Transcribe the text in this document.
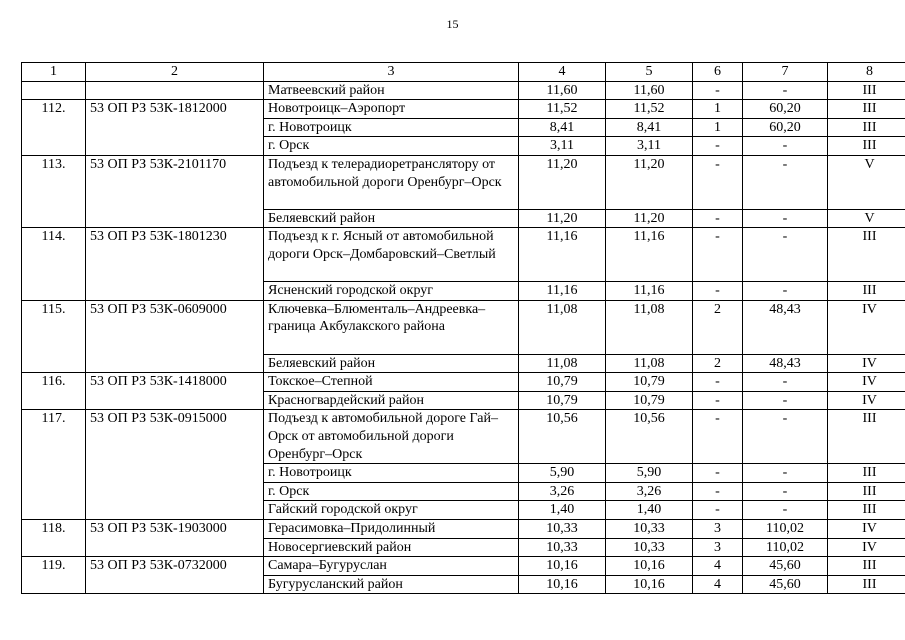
15
1	2	3	4	5	6	7	8
		Матвеевский район	11,60	11,60	-	-	III
112.	53 ОП РЗ 53К-1812000	Новотроицк–Аэропорт	11,52	11,52	1	60,20	III
		г. Новотроицк	8,41	8,41	1	60,20	III
		г. Орск	3,11	3,11	-	-	III
113.	53 ОП РЗ 53К-2101170	Подъезд к телерадиоретранслятору от автомобильной дороги Оренбург–Орск	11,20	11,20	-	-	V
		Беляевский район	11,20	11,20	-	-	V
114.	53 ОП РЗ 53К-1801230	Подъезд к г. Ясный от автомобильной дороги Орск–Домбаровский–Светлый	11,16	11,16	-	-	III
		Ясненский городской округ	11,16	11,16	-	-	III
115.	53 ОП РЗ 53К-0609000	Ключевка–Блюменталь–Андреевка–граница Акбулакского района	11,08	11,08	2	48,43	IV
		Беляевский район	11,08	11,08	2	48,43	IV
116.	53 ОП РЗ 53К-1418000	Токское–Степной	10,79	10,79	-	-	IV
		Красногвардейский район	10,79	10,79	-	-	IV
117.	53 ОП РЗ 53К-0915000	Подъезд к автомобильной дороге Гай–Орск от автомобильной дороги Оренбург–Орск	10,56	10,56	-	-	III
		г. Новотроицк	5,90	5,90	-	-	III
		г. Орск	3,26	3,26	-	-	III
		Гайский городской округ	1,40	1,40	-	-	III
118.	53 ОП РЗ 53К-1903000	Герасимовка–Придолинный	10,33	10,33	3	110,02	IV
		Новосергиевский район	10,33	10,33	3	110,02	IV
119.	53 ОП РЗ 53К-0732000	Самара–Бугуруслан	10,16	10,16	4	45,60	III
		Бугурусланский район	10,16	10,16	4	45,60	III
